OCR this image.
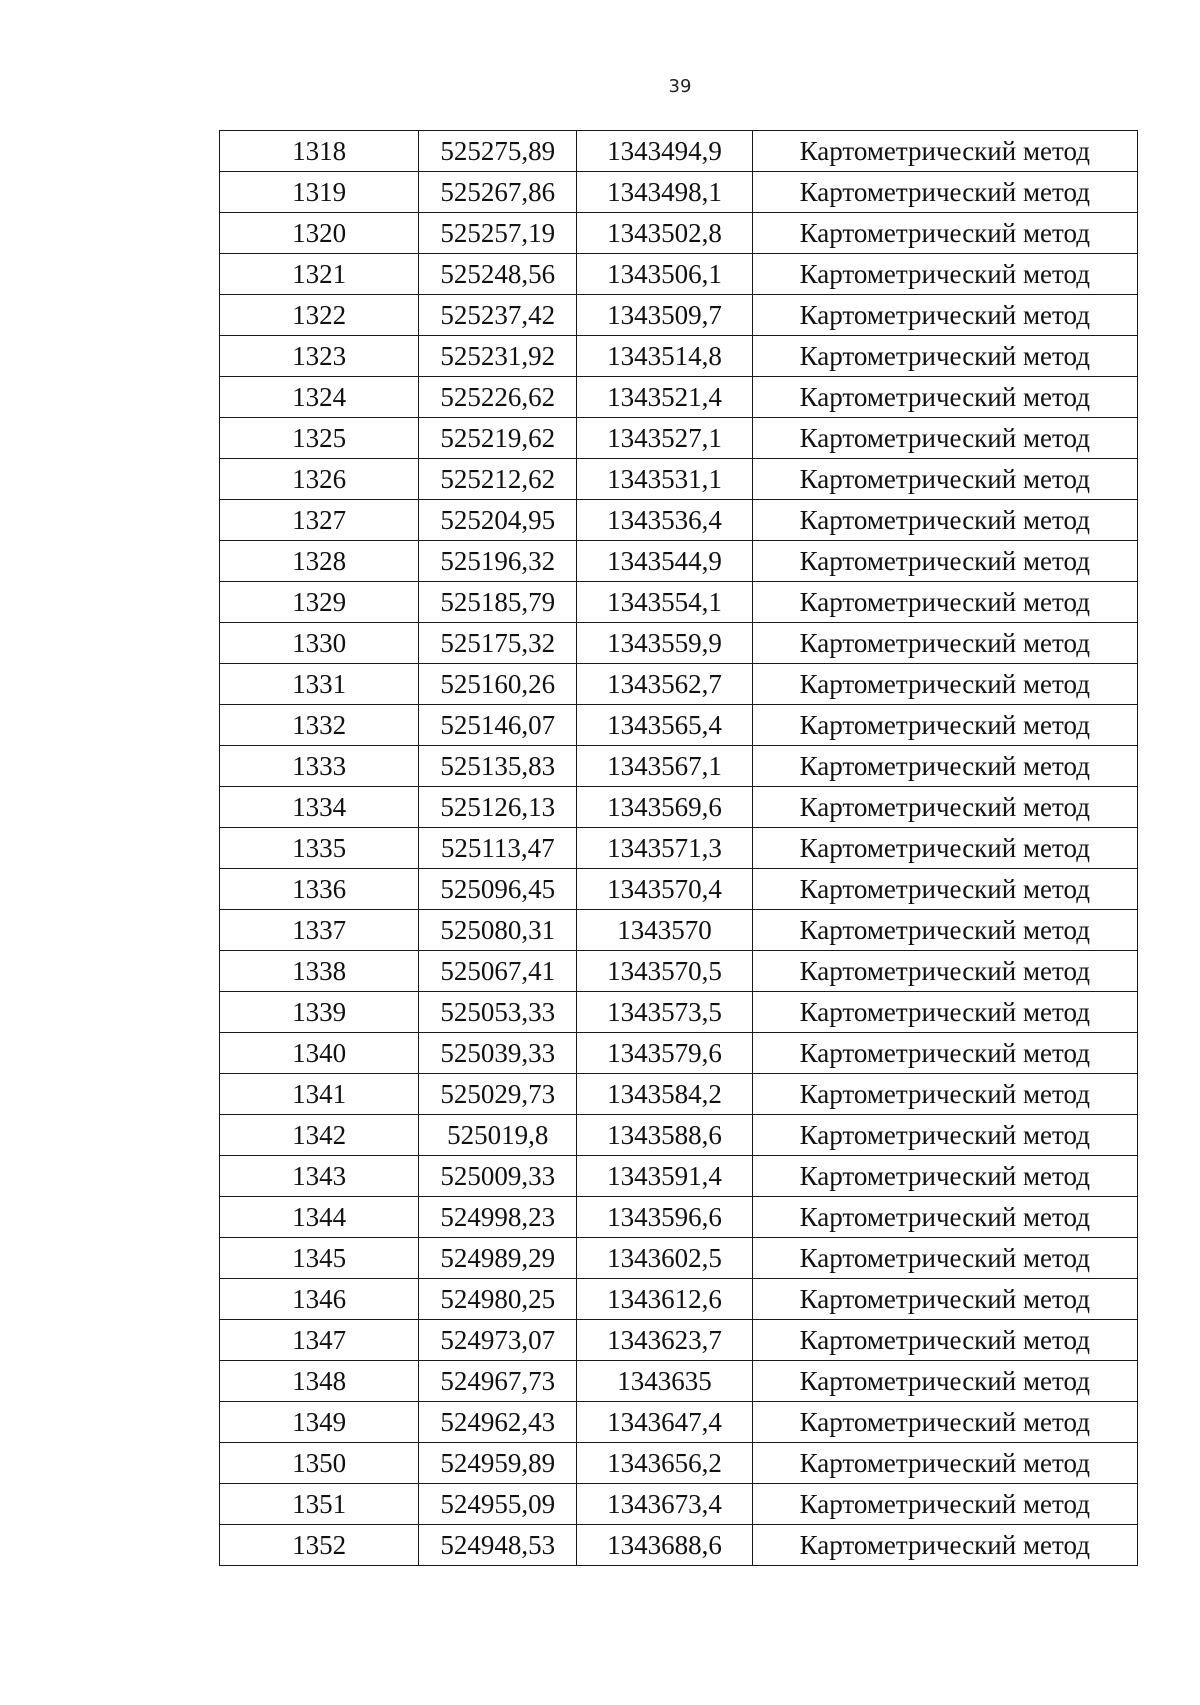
39
1318	525275,89	1343494,9	Картометрический метод
1319	525267,86	1343498,1	Картометрический метод
1320	525257,19	1343502,8	Картометрический метод
1321	525248,56	1343506,1	Картометрический метод
1322	525237,42	1343509,7	Картометрический метод
1323	525231,92	1343514,8	Картометрический метод
1324	525226,62	1343521,4	Картометрический метод
1325	525219,62	1343527,1	Картометрический метод
1326	525212,62	1343531,1	Картометрический метод
1327	525204,95	1343536,4	Картометрический метод
1328	525196,32	1343544,9	Картометрический метод
1329	525185,79	1343554,1	Картометрический метод
1330	525175,32	1343559,9	Картометрический метод
1331	525160,26	1343562,7	Картометрический метод
1332	525146,07	1343565,4	Картометрический метод
1333	525135,83	1343567,1	Картометрический метод
1334	525126,13	1343569,6	Картометрический метод
1335	525113,47	1343571,3	Картометрический метод
1336	525096,45	1343570,4	Картометрический метод
1337	525080,31	1343570	Картометрический метод
1338	525067,41	1343570,5	Картометрический метод
1339	525053,33	1343573,5	Картометрический метод
1340	525039,33	1343579,6	Картометрический метод
1341	525029,73	1343584,2	Картометрический метод
1342	525019,8	1343588,6	Картометрический метод
1343	525009,33	1343591,4	Картометрический метод
1344	524998,23	1343596,6	Картометрический метод
1345	524989,29	1343602,5	Картометрический метод
1346	524980,25	1343612,6	Картометрический метод
1347	524973,07	1343623,7	Картометрический метод
1348	524967,73	1343635	Картометрический метод
1349	524962,43	1343647,4	Картометрический метод
1350	524959,89	1343656,2	Картометрический метод
1351	524955,09	1343673,4	Картометрический метод
1352	524948,53	1343688,6	Картометрический метод
